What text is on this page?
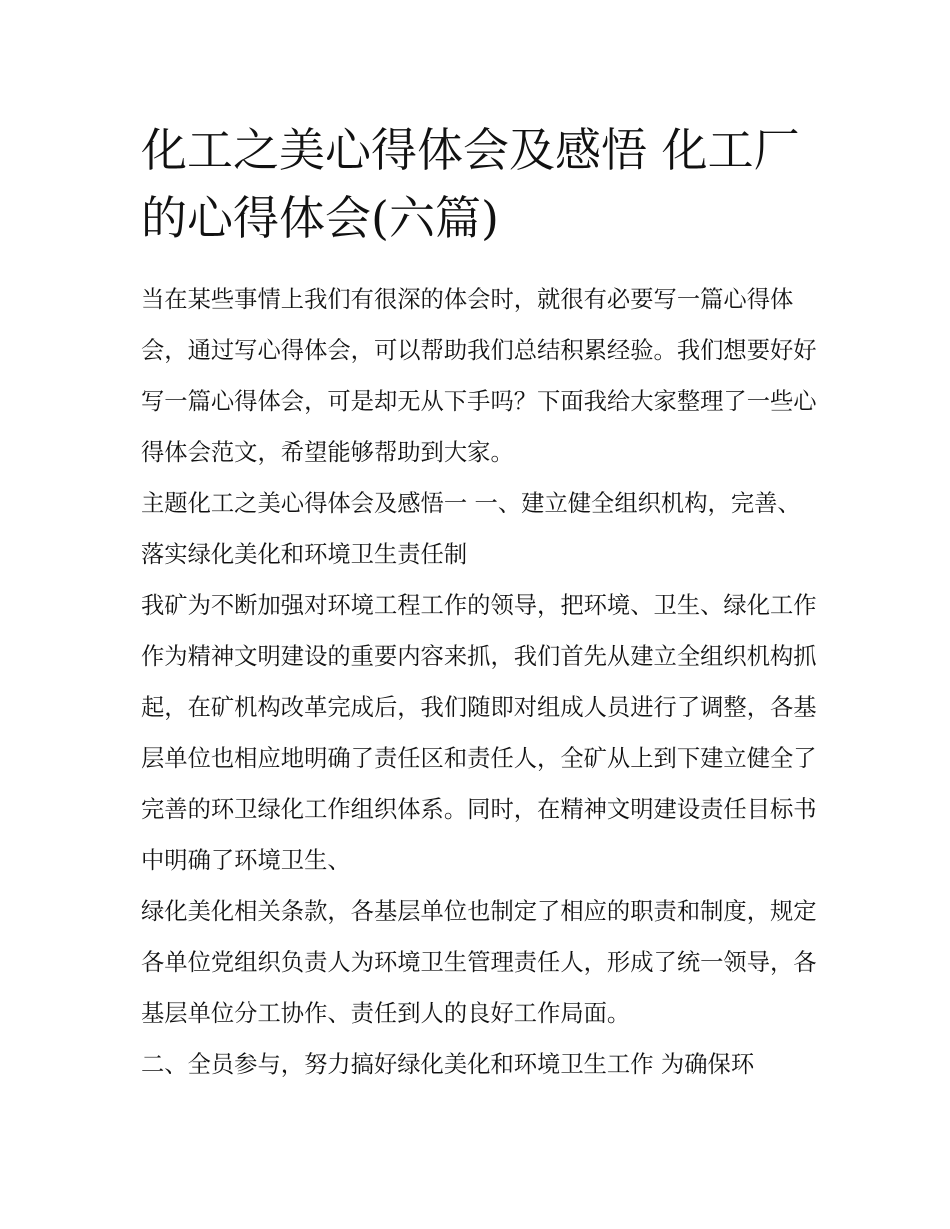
化工之美心得体会及感悟 化工厂的心得体会(六篇)

当在某些事情上我们有很深的体会时，就很有必要写一篇心得体会，通过写心得体会，可以帮助我们总结积累经验。我们想要好好写一篇心得体会，可是却无从下手吗？下面我给大家整理了一些心得体会范文，希望能够帮助到大家。

主题化工之美心得体会及感悟一 一、建立健全组织机构，完善、落实绿化美化和环境卫生责任制

我矿为不断加强对环境工程工作的领导，把环境、卫生、绿化工作作为精神文明建设的重要内容来抓，我们首先从建立全组织机构抓起，在矿机构改革完成后，我们随即对组成人员进行了调整，各基层单位也相应地明确了责任区和责任人，全矿从上到下建立健全了完善的环卫绿化工作组织体系。同时，在精神文明建设责任目标书中明确了环境卫生、

绿化美化相关条款，各基层单位也制定了相应的职责和制度，规定各单位党组织负责人为环境卫生管理责任人，形成了统一领导，各基层单位分工协作、责任到人的良好工作局面。

二、全员参与，努力搞好绿化美化和环境卫生工作 为确保环
